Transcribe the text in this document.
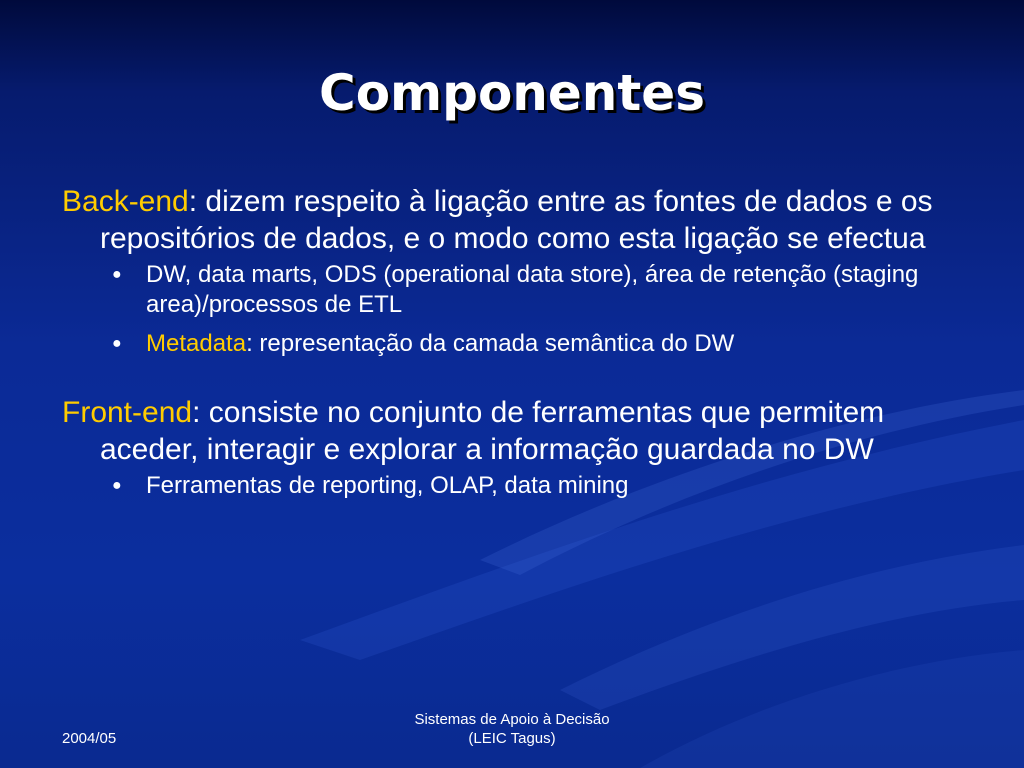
Componentes

Back-end: dizem respeito à ligação entre as fontes de dados e os repositórios de dados, e o modo como esta ligação se efectua

● DW, data marts, ODS (operational data store), área de retenção (staging area)/processos de ETL
● Metadata: representação da camada semântica do DW

Front-end: consiste no conjunto de ferramentas que permitem aceder, interagir e explorar a informação guardada no DW

● Ferramentas de reporting, OLAP, data mining
2004/05
Sistemas de Apoio à Decisão
(LEIC Tagus)
